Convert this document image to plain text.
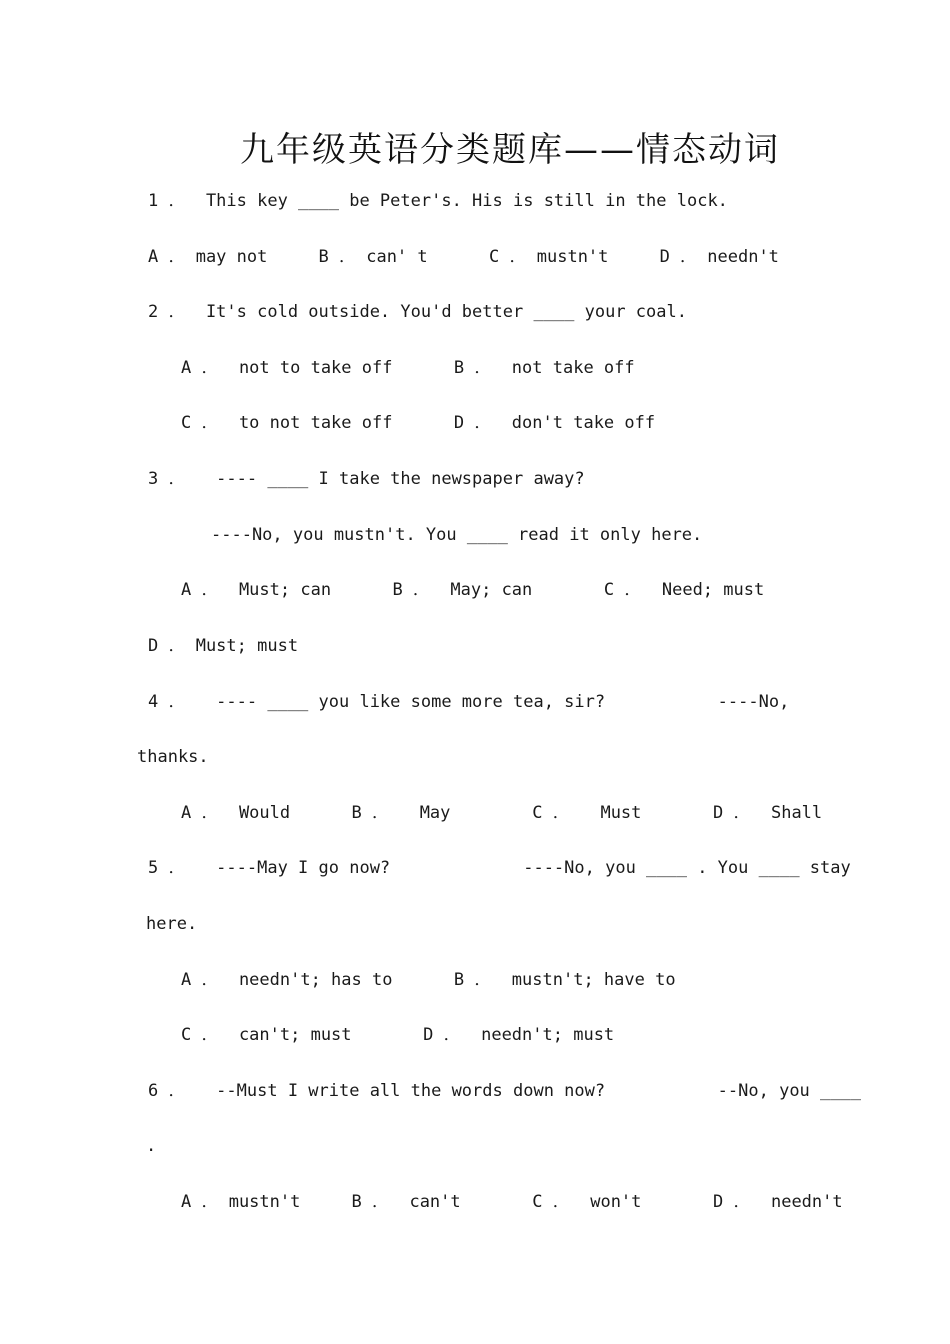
九年级英语分类题库——情态动词
1 ．  This key ____ be Peter's. His is still in the lock.
A ． may not     B ． can' t      C ． mustn't     D ． needn't
2 ．  It's cold outside. You'd better ____ your coal.
A ．  not to take off      B ．  not take off
C ．  to not take off      D ．  don't take off
3 ．   ---- ____ I take the newspaper away?
----No, you mustn't. You ____ read it only here.
A ．  Must; can      B ．  May; can       C ．  Need; must
D ． Must; must
4 ．   ---- ____ you like some more tea, sir?           ----No,
thanks.
A ．  Would      B ．   May        C ．   Must       D ．  Shall
5 ．   ----May I go now?             ----No, you ____ . You ____ stay
here.
A ．  needn't; has to      B ．  mustn't; have to
C ．  can't; must       D ．  needn't; must
6 ．   --Must I write all the words down now?           --No, you ____
.
A ． mustn't     B ．  can't       C ．  won't       D ．  needn't
